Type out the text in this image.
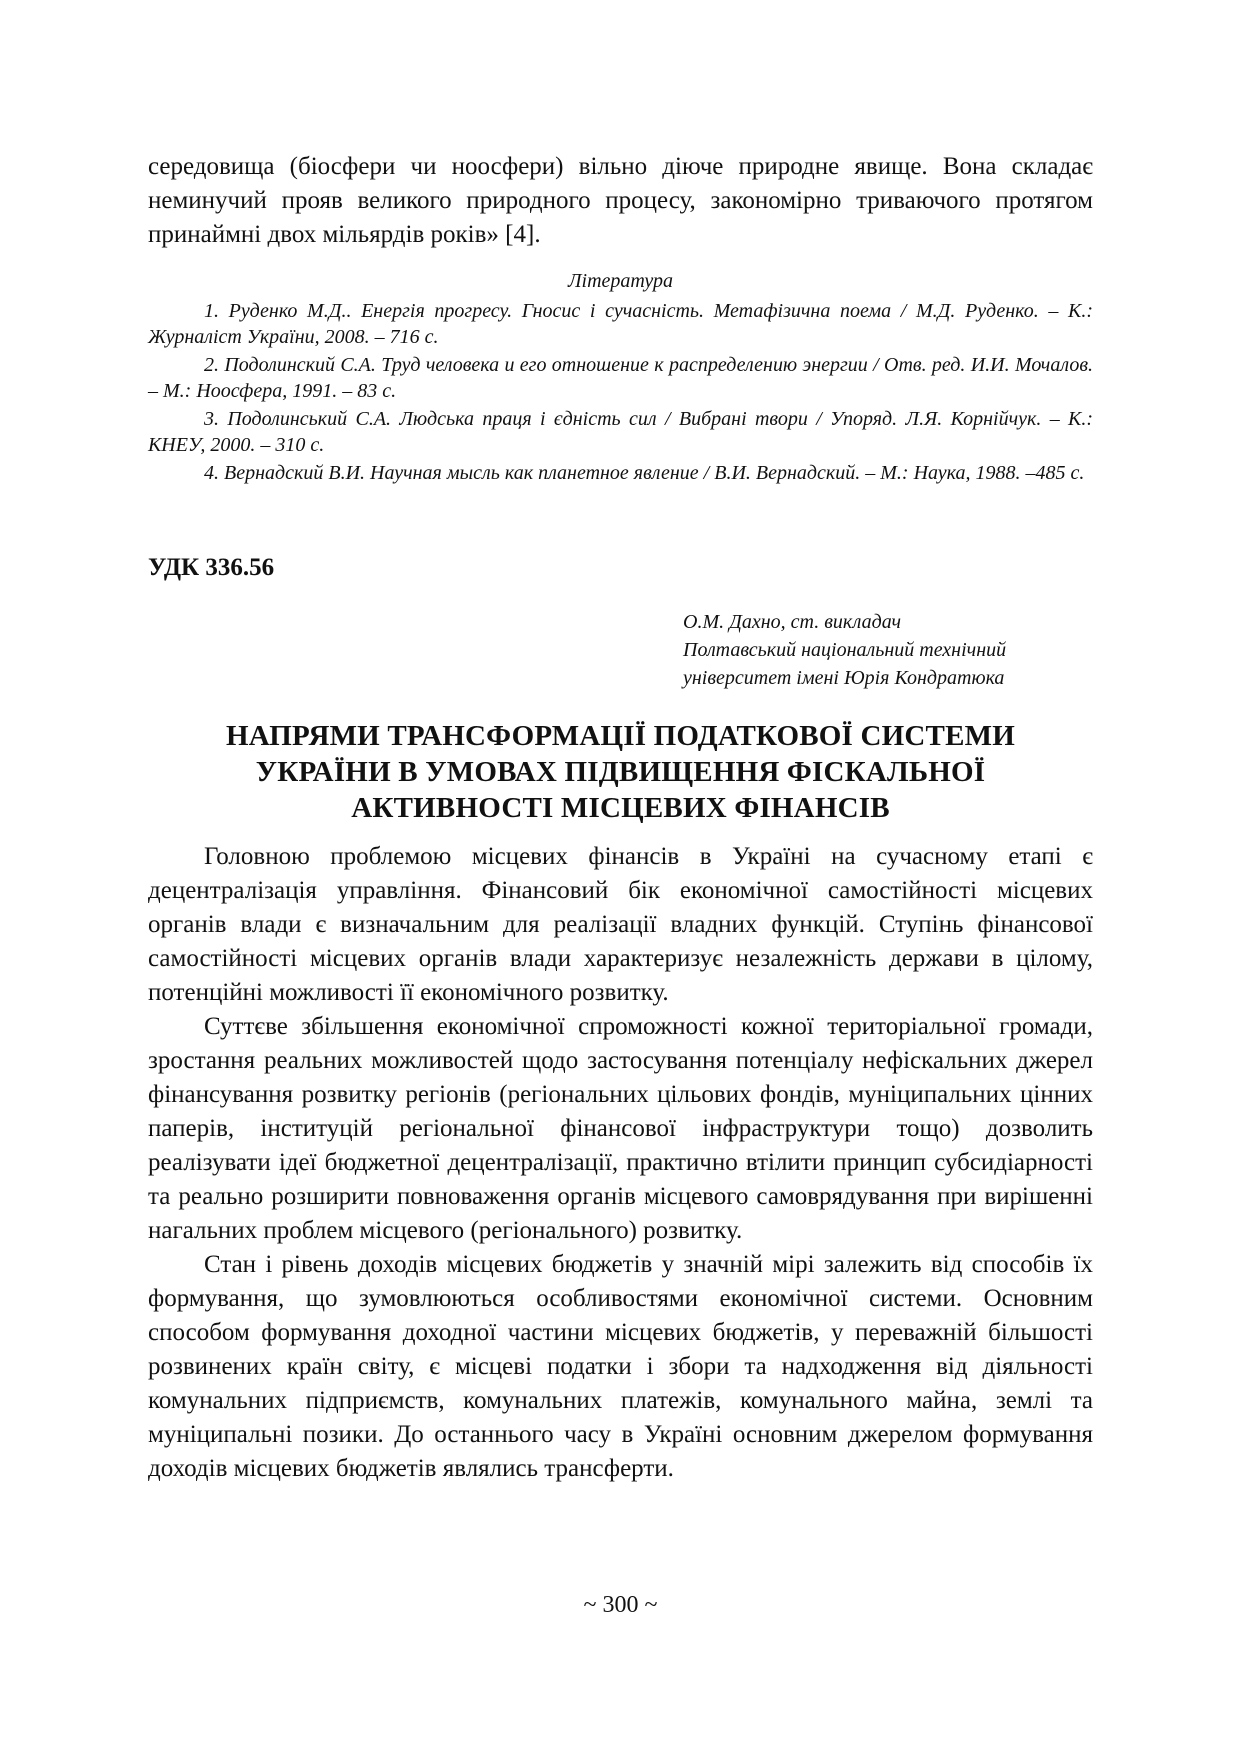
середовища (біосфери чи ноосфери) вільно діюче природне явище. Вона складає неминучий прояв великого природного процесу, закономірно триваючого протягом принаймні двох мільярдів років» [4].

Література

1. Руденко М.Д.. Енергія прогресу. Гносис і сучасність. Метафізична поема / М.Д. Руденко. – К.: Журналіст України, 2008. – 716 с.

2. Подолинский С.А. Труд человека и его отношение к распределению энергии / Отв. ред. И.И. Мочалов. – М.: Ноосфера, 1991. – 83 с.

3. Подолинський С.А. Людська праця і єдність сил / Вибрані твори / Упоряд. Л.Я. Корнійчук. – К.: КНЕУ, 2000. – 310 с.

4. Вернадский В.И. Научная мысль как планетное явление / В.И. Вернадский. – М.: Наука, 1988. –485 с.

УДК 336.56
О.М. Дахно, ст. викладач
Полтавський національний технічний
університет імені Юрія Кондратюка
НАПРЯМИ ТРАНСФОРМАЦІЇ ПОДАТКОВОЇ СИСТЕМИ
УКРАЇНИ В УМОВАХ ПІДВИЩЕННЯ ФІСКАЛЬНОЇ
АКТИВНОСТІ МІСЦЕВИХ ФІНАНСІВ

Головною проблемою місцевих фінансів в Україні на сучасному етапі є децентралізація управління. Фінансовий бік економічної самостійності місцевих органів влади є визначальним для реалізації владних функцій. Ступінь фінансової самостійності місцевих органів влади характеризує незалежність держави в цілому, потенційні можливості її економічного розвитку.

Суттєве збільшення економічної спроможності кожної територіальної громади, зростання реальних можливостей щодо застосування потенціалу нефіскальних джерел фінансування розвитку регіонів (регіональних цільових фондів, муніципальних цінних паперів, інституцій регіональної фінансової інфраструктури тощо) дозволить реалізувати ідеї бюджетної децентралізації, практично втілити принцип субсидіарності та реально розширити повноваження органів місцевого самоврядування при вирішенні нагальних проблем місцевого (регіонального) розвитку.

Стан і рівень доходів місцевих бюджетів у значній мірі залежить від способів їх формування, що зумовлюються особливостями економічної системи. Основним способом формування доходної частини місцевих бюджетів, у переважній більшості розвинених країн світу, є місцеві податки і збори та надходження від діяльності комунальних підприємств, комунальних платежів, комунального майна, землі та муніципальні позики. До останнього часу в Україні основним джерелом формування доходів місцевих бюджетів являлись трансферти.

~ 300 ~
